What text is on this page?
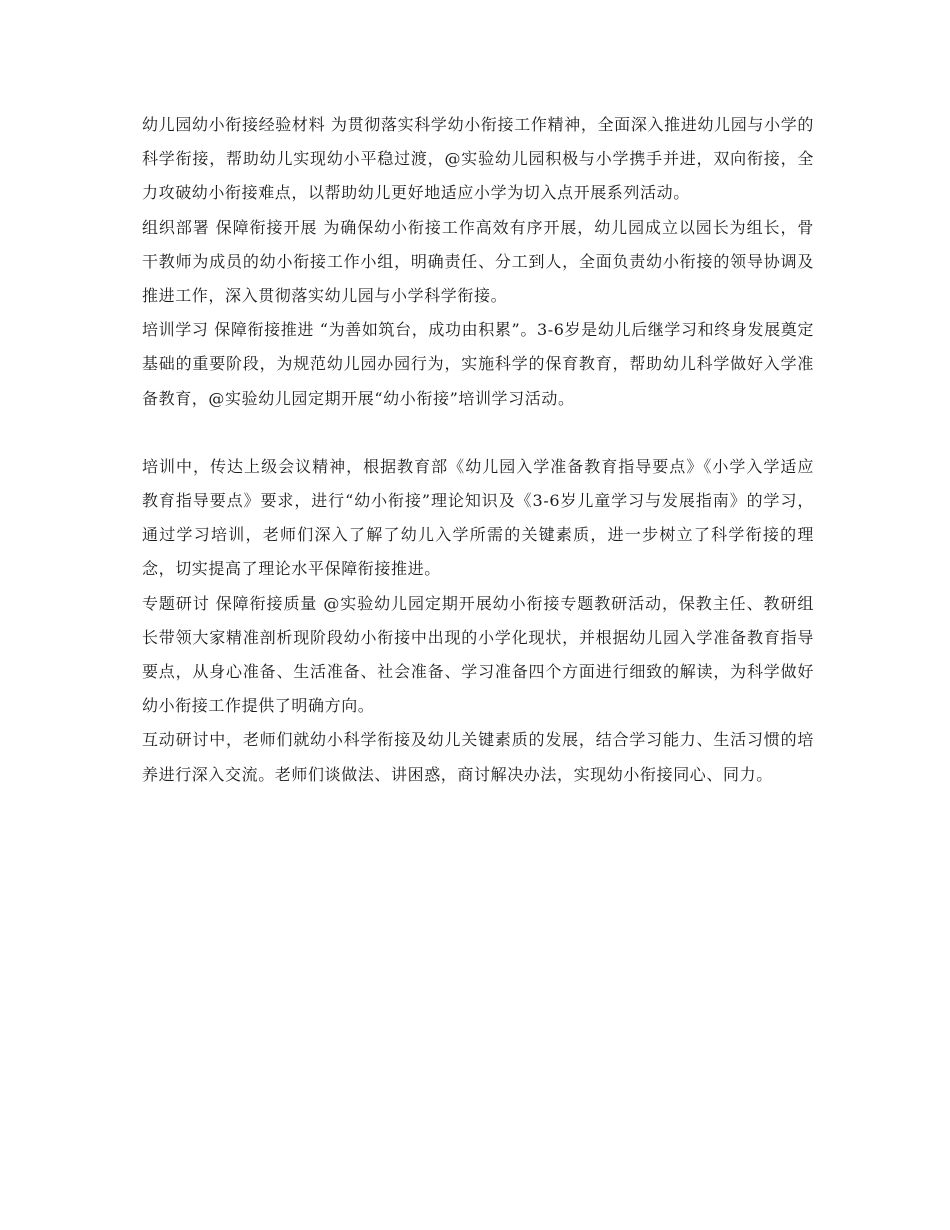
幼儿园幼小衔接经验材料 为贯彻落实科学幼小衔接工作精神，全面深入推进幼儿园与小学的科学衔接，帮助幼儿实现幼小平稳过渡，@实验幼儿园积极与小学携手并进，双向衔接，全力攻破幼小衔接难点，以帮助幼儿更好地适应小学为切入点开展系列活动。

组织部署 保障衔接开展 为确保幼小衔接工作高效有序开展，幼儿园成立以园长为组长，骨干教师为成员的幼小衔接工作小组，明确责任、分工到人，全面负责幼小衔接的领导协调及推进工作，深入贯彻落实幼儿园与小学科学衔接。

培训学习 保障衔接推进 “为善如筑台，成功由积累”。3-6岁是幼儿后继学习和终身发展奠定基础的重要阶段，为规范幼儿园办园行为，实施科学的保育教育，帮助幼儿科学做好入学准备教育，@实验幼儿园定期开展“幼小衔接”培训学习活动。

培训中，传达上级会议精神，根据教育部《幼儿园入学准备教育指导要点》《小学入学适应教育指导要点》要求，进行“幼小衔接”理论知识及《3-6岁儿童学习与发展指南》的学习，通过学习培训，老师们深入了解了幼儿入学所需的关键素质，进一步树立了科学衔接的理念，切实提高了理论水平保障衔接推进。

专题研讨 保障衔接质量 @实验幼儿园定期开展幼小衔接专题教研活动，保教主任、教研组长带领大家精准剖析现阶段幼小衔接中出现的小学化现状，并根据幼儿园入学准备教育指导要点，从身心准备、生活准备、社会准备、学习准备四个方面进行细致的解读，为科学做好幼小衔接工作提供了明确方向。

互动研讨中，老师们就幼小科学衔接及幼儿关键素质的发展，结合学习能力、生活习惯的培养进行深入交流。老师们谈做法、讲困惑，商讨解决办法，实现幼小衔接同心、同力。
